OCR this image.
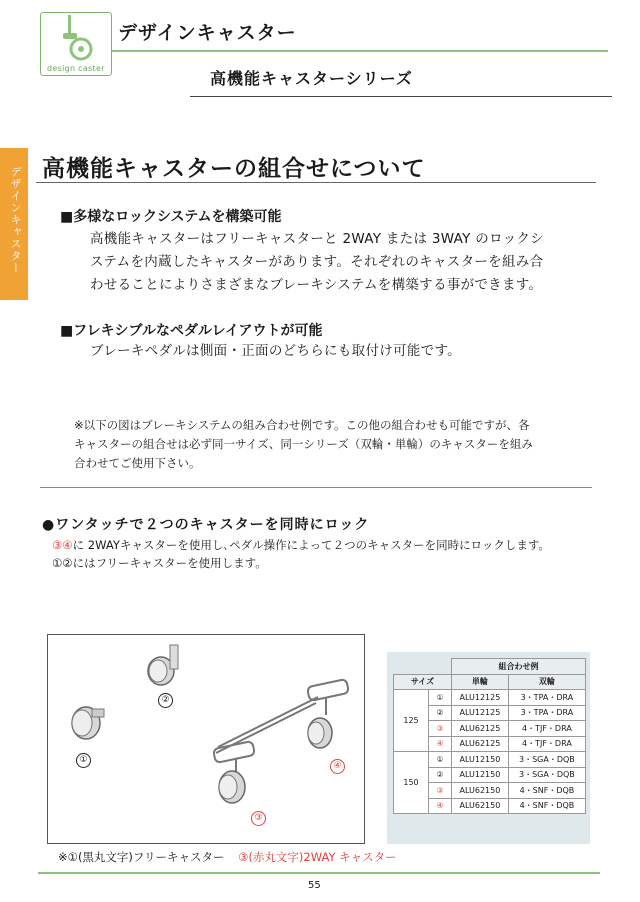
design caster
デザインキャスター
高機能キャスターシリーズ
デザインキャスター 高機能キャスターの組合せについて
■多様なロックシステムを構築可能
高機能キャスターはフリーキャスターと 2WAY または 3WAY のロックシ
ステムを内蔵したキャスターがあります。それぞれのキャスターを組み合
わせることによりさまざまなブレーキシステムを構築する事ができます。
■フレキシブルなペダルレイアウトが可能
ブレーキペダルは側面・正面のどちらにも取付け可能です。
※以下の図はブレーキシステムの組み合わせ例です。この他の組合わせも可能ですが、各
キャスターの組合せは必ず同一サイズ、同一シリーズ（双輪・単輪）のキャスターを組み
合わせてご使用下さい。
●ワンタッチで２つのキャスターを同時にロック
③④に 2WAYキャスターを使用し､ペダル操作によって２つのキャスターを同時にロックします。
①②にはフリーキャスターを使用します。
①
②
③
④
		組合わせ例	
サイズ		単輪	双輪
125	①	ALU12125	3・TPA・DRA
	②	ALU12125	3・TPA・DRA
	③	ALU62125	4・TJF・DRA
	④	ALU62125	4・TJF・DRA
150	①	ALU12150	3・SGA・DQB
	②	ALU12150	3・SGA・DQB
	③	ALU62150	4・SNF・DQB
	④	ALU62150	4・SNF・DQB
※①(黒丸文字)フリーキャスター ③(赤丸文字)2WAY キャスター
55
